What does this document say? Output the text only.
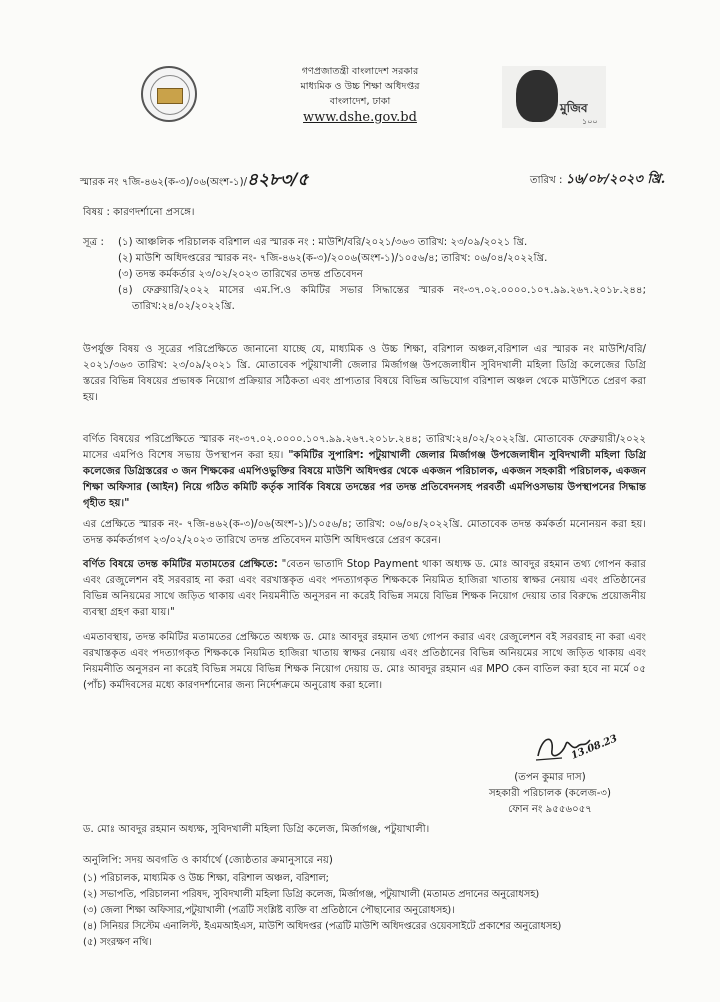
গণপ্রজাতন্ত্রী বাংলাদেশ সরকার
মাধ্যমিক ও উচ্চ শিক্ষা অধিদপ্তর
বাংলাদেশ, ঢাকা
www.dshe.gov.bd
মুজিব
১০০
স্মারক নং ৭জি-৪৬২(ক-৩)/০৬(অংশ-১)/৪২৮৩/৫	তারিখ : ১৬/০৮/২০২৩ খ্রি.
বিষয় : কারণদর্শানো প্রসঙ্গে।
সূত্র :	(১) আঞ্চলিক পরিচালক বরিশাল এর স্মারক নং : মাউশি/বরি/২০২১/৩৬৩ তারিখ: ২৩/০৯/২০২১ খ্রি.
(২) মাউশি অধিদপ্তরের স্মারক নং- ৭জি-৪৬২(ক-৩)/২০০৬(অংশ-১)/১০৫৬/৪; তারিখ: ০৬/০৪/২০২২খ্রি.
(৩) তদন্ত কর্মকর্তার ২৩/০২/২০২৩ তারিখের তদন্ত প্রতিবেদন
(৪) ফেব্রুয়ারি/২০২২ মাসের এম.পি.ও কমিটির সভার সিদ্ধান্তের স্মারক নং-৩৭.০২.০০০০.১০৭.৯৯.২৬৭.২০১৮.২৪৪; তারিখ:২৪/০২/২০২২খ্রি.
উপর্যুক্ত বিষয় ও সূত্রের পরিপ্রেক্ষিতে জানানো যাচ্ছে যে, মাধ্যমিক ও উচ্চ শিক্ষা, বরিশাল অঞ্চল,বরিশাল এর স্মারক নং মাউশি/বরি/২০২১/৩৬৩ তারিখ: ২৩/০৯/২০২১ খ্রি. মোতাবেক পটুয়াখালী জেলার মির্জাগঞ্জ উপজেলাধীন সুবিদখালী মহিলা ডিগ্রি কলেজের ডিগ্রি স্তরের বিভিন্ন বিষয়ের প্রভাষক নিয়োগ প্রক্রিয়ার সঠিকতা এবং প্রাপ্যতার বিষয়ে বিভিন্ন অভিযোগ বরিশাল অঞ্চল থেকে মাউশিতে প্রেরণ করা হয়।
বর্ণিত বিষয়ের পরিপ্রেক্ষিতে স্মারক নং-৩৭.০২.০০০০.১০৭.৯৯.২৬৭.২০১৮.২৪৪; তারিখ:২৪/০২/২০২২খ্রি. মোতাবেক ফেব্রুয়ারী/২০২২ মাসের এমপিও বিশেষ সভায় উপস্থাপন করা হয়। "কমিটির সুপারিশ: পটুয়াখালী জেলার মির্জাগঞ্জ উপজেলাধীন সুবিদখালী মহিলা ডিগ্রি কলেজের ডিগ্রিস্তরের ৩ জন শিক্ষকের এমপিওভুক্তির বিষয়ে মাউশি অধিদপ্তর থেকে একজন পরিচালক, একজন সহকারী পরিচালক, একজন শিক্ষা অফিসার (আইন) নিয়ে গঠিত কমিটি কর্তৃক সার্বিক বিষয়ে তদন্তের পর তদন্ত প্রতিবেদনসহ পরবর্তী এমপিওসভায় উপস্থাপনের সিদ্ধান্ত গৃহীত হয়।"
এর প্রেক্ষিতে স্মারক নং- ৭জি-৪৬২(ক-৩)/০৬(অংশ-১)/১০৫৬/৪; তারিখ: ০৬/০৪/২০২২খ্রি. মোতাবেক তদন্ত কর্মকর্তা মনোনয়ন করা হয়। তদন্ত কর্মকর্তাগণ ২৩/০২/২০২৩ তারিখে তদন্ত প্রতিবেদন মাউশি অধিদপ্তরে প্রেরণ করেন।
বর্ণিত বিষয়ে তদন্ত কমিটির মতামতের প্রেক্ষিতে: "বেতন ভাতাদি Stop Payment থাকা অধ্যক্ষ ড. মোঃ আবদুর রহমান তথ্য গোপন করার এবং রেজুলেশন বই সরবরাহ না করা এবং বরখাস্তকৃত এবং পদত্যাগকৃত শিক্ষককে নিয়মিত হাজিরা খাতায় স্বাক্ষর নেয়ায় এবং প্রতিষ্ঠানের বিভিন্ন অনিয়মের সাথে জড়িত থাকায় এবং নিয়মনীতি অনুসরন না করেই বিভিন্ন সময়ে বিভিন্ন শিক্ষক নিয়োগ দেয়ায় তার বিরুদ্ধে প্রয়োজনীয় ব্যবস্থা গ্রহণ করা যায়।"
এমতাবস্থায়, তদন্ত কমিটির মতামতের প্রেক্ষিতে অধ্যক্ষ ড. মোঃ আবদুর রহমান তথ্য গোপন করার এবং রেজুলেশন বই সরবরাহ না করা এবং বরখাস্তকৃত এবং পদত্যাগকৃত শিক্ষককে নিয়মিত হাজিরা খাতায় স্বাক্ষর নেয়ায় এবং প্রতিষ্ঠানের বিভিন্ন অনিয়মের সাথে জড়িত থাকায় এবং নিয়মনীতি অনুসরন না করেই বিভিন্ন সময়ে বিভিন্ন শিক্ষক নিয়োগ দেয়ায় ড. মোঃ আবদুর রহমান এর MPO কেন বাতিল করা হবে না মর্মে ০৫ (পাঁচ) কর্মদিবসের মধ্যে কারণদর্শানোর জন্য নির্দেশক্রমে অনুরোধ করা হলো।
13.08.23
(তপন কুমার দাস)
সহকারী পরিচালক (কলেজ-৩)
ফোন নং ৯৫৫৬০৫৭
ড. মোঃ আবদুর রহমান অধ্যক্ষ, সুবিদখালী মহিলা ডিগ্রি কলেজ, মির্জাগঞ্জ, পটুয়াখালী।
অনুলিপি: সদয় অবগতি ও কার্যার্থে (জ্যেষ্ঠতার ক্রমানুসারে নয়)
(১) পরিচালক, মাধ্যমিক ও উচ্চ শিক্ষা, বরিশাল অঞ্চল, বরিশাল;
(২) সভাপতি, পরিচালনা পরিষদ, সুবিদখালী মহিলা ডিগ্রি কলেজ, মির্জাগঞ্জ, পটুয়াখালী (মতামত প্রদানের অনুরোধসহ)
(৩) জেলা শিক্ষা অফিসার,পটুয়াখালী (পত্রটি সংশ্লিষ্ট ব্যক্তি বা প্রতিষ্ঠানে পৌছানোর অনুরোধসহ)।
(৪) সিনিয়র সিস্টেম এনালিস্ট, ইএমআইএস, মাউশি অধিদপ্তর (পত্রটি মাউশি অধিদপ্তরের ওয়েবসাইটে প্রকাশের অনুরোধসহ)
(৫) সংরক্ষণ নথি।
